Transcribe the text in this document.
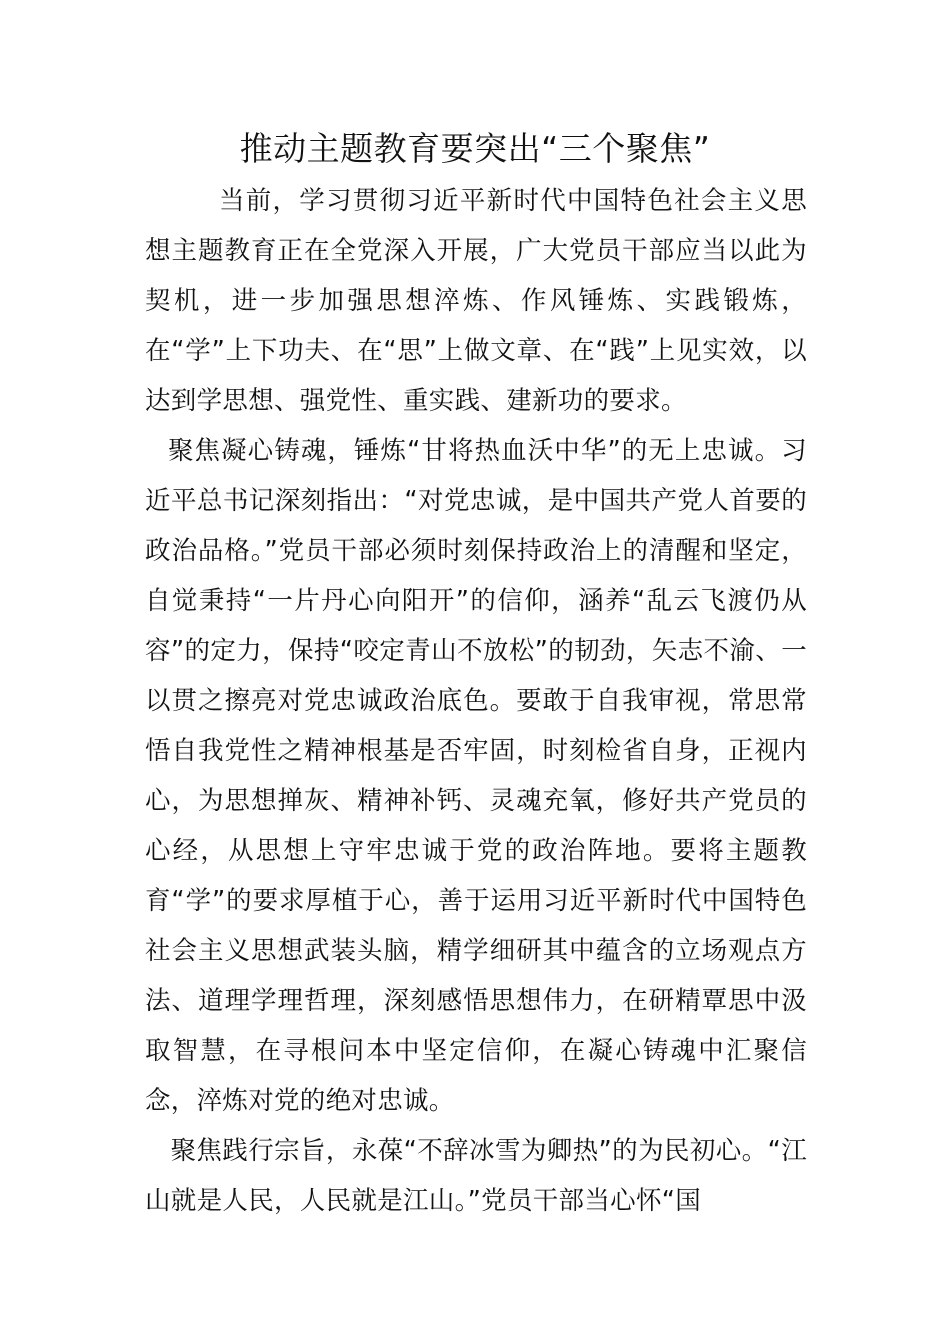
推动主题教育要突出“三个聚焦”

当前，学习贯彻习近平新时代中国特色社会主义思想主题教育正在全党深入开展，广大党员干部应当以此为契机，进一步加强思想淬炼、作风锤炼、实践锻炼，在“学”上下功夫、在“思”上做文章、在“践”上见实效，以达到学思想、强党性、重实践、建新功的要求。

聚焦凝心铸魂，锤炼“甘将热血沃中华”的无上忠诚。习近平总书记深刻指出：“对党忠诚，是中国共产党人首要的政治品格。”党员干部必须时刻保持政治上的清醒和坚定，自觉秉持“一片丹心向阳开”的信仰，涵养“乱云飞渡仍从容”的定力，保持“咬定青山不放松”的韧劲，矢志不渝、一以贯之擦亮对党忠诚政治底色。要敢于自我审视，常思常悟自我党性之精神根基是否牢固，时刻检省自身，正视内心，为思想掸灰、精神补钙、灵魂充氧，修好共产党员的心经，从思想上守牢忠诚于党的政治阵地。要将主题教育“学”的要求厚植于心，善于运用习近平新时代中国特色社会主义思想武装头脑，精学细研其中蕴含的立场观点方法、道理学理哲理，深刻感悟思想伟力，在研精覃思中汲取智慧，在寻根问本中坚定信仰，在凝心铸魂中汇聚信念，淬炼对党的绝对忠诚。

聚焦践行宗旨，永葆“不辞冰雪为卿热”的为民初心。“江山就是人民，人民就是江山。”党员干部当心怀“国
